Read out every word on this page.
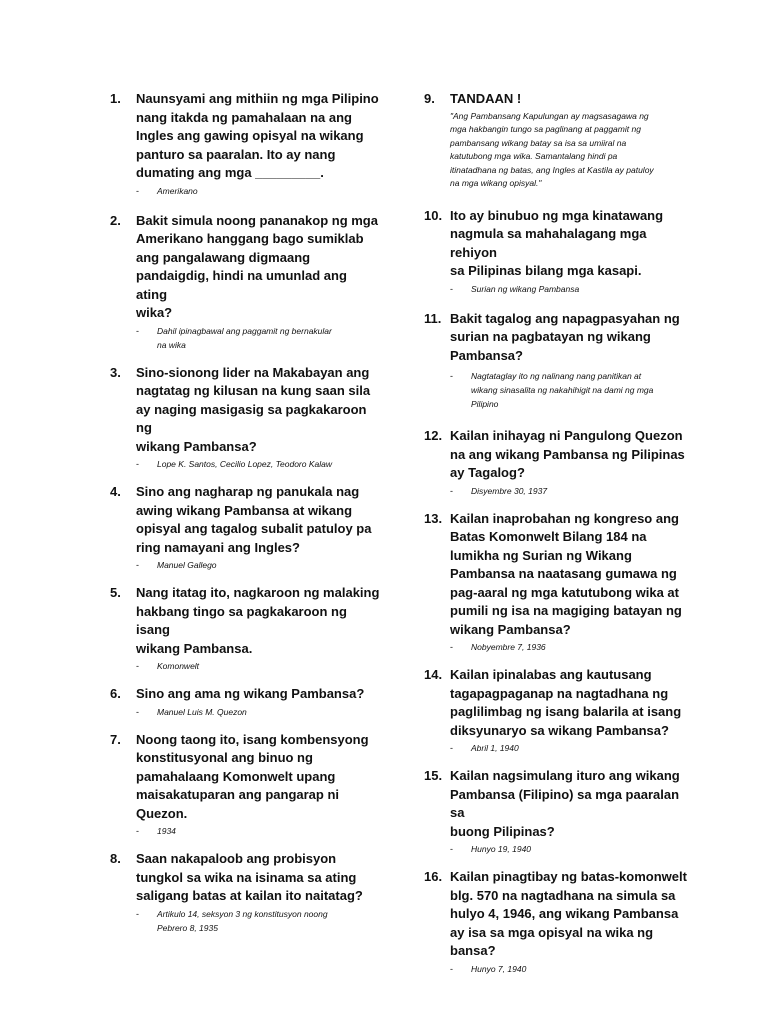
1. Naunsyami ang mithiin ng mga Pilipino
nang itakda ng pamahalaan na ang
Ingles ang gawing opisyal na wikang
panturo sa paaralan. Ito ay nang
dumating ang mga _________.
- Amerikano
2. Bakit simula noong pananakop ng mga
Amerikano hanggang bago sumiklab
ang pangalawang digmaang
pandaigdig, hindi na umunlad ang ating
wika?
- Dahil ipinagbawal ang paggamit ng bernakular
na wika
3. Sino-sionong lider na Makabayan ang
nagtatag ng kilusan na kung saan sila
ay naging masigasig sa pagkakaroon ng
wikang Pambansa?
- Lope K. Santos, Cecilio Lopez, Teodoro Kalaw
4. Sino ang nagharap ng panukala nag
awing wikang Pambansa at wikang
opisyal ang tagalog subalit patuloy pa
ring namayani ang Ingles?
- Manuel Gallego
5. Nang itatag ito, nagkaroon ng malaking
hakbang tingo sa pagkakaroon ng isang
wikang Pambansa.
- Komonwelt
6. Sino ang ama ng wikang Pambansa?
- Manuel Luis M. Quezon
7. Noong taong ito, isang kombensyong
konstitusyonal ang binuo ng
pamahalaang Komonwelt upang
maisakatuparan ang pangarap ni
Quezon.
- 1934
8. Saan nakapaloob ang probisyon
tungkol sa wika na isinama sa ating
saligang batas at kailan ito naitatag?
- Artikulo 14, seksyon 3 ng konstitusyon noong
Pebrero 8, 1935
9. TANDAAN !
"Ang Pambansang Kapulungan ay magsasagawa ng
mga hakbangin tungo sa paglinang at paggamit ng
pambansang wikang batay sa isa sa umiiral na
katutubong mga wika. Samantalang hindi pa
itinatadhana ng batas, ang Ingles at Kastila ay patuloy
na mga wikang opisyal."
10. Ito ay binubuo ng mga kinatawang
nagmula sa mahahalagang mga rehiyon
sa Pilipinas bilang mga kasapi.
- Surian ng wikang Pambansa
11. Bakit tagalog ang napagpasyahan ng
surian na pagbatayan ng wikang
Pambansa?
- Nagtataglay ito ng nalinang nang panitikan at
wikang sinasalita ng nakahihigit na dami ng mga
Pilipino
12. Kailan inihayag ni Pangulong Quezon
na ang wikang Pambansa ng Pilipinas
ay Tagalog?
- Disyembre 30, 1937
13. Kailan inaprobahan ng kongreso ang
Batas Komonwelt Bilang 184 na
lumikha ng Surian ng Wikang
Pambansa na naatasang gumawa ng
pag-aaral ng mga katutubong wika at
pumili ng isa na magiging batayan ng
wikang Pambansa?
- Nobyembre 7, 1936
14. Kailan ipinalabas ang kautusang
tagapagpaganap na nagtadhana ng
paglilimbag ng isang balarila at isang
diksyunaryo sa wikang Pambansa?
- Abril 1, 1940
15. Kailan nagsimulang ituro ang wikang
Pambansa (Filipino) sa mga paaralan sa
buong Pilipinas?
- Hunyo 19, 1940
16. Kailan pinagtibay ng batas-komonwelt
blg. 570 na nagtadhana na simula sa
hulyo 4, 1946, ang wikang Pambansa
ay isa sa mga opisyal na wika ng bansa?
- Hunyo 7, 1940
